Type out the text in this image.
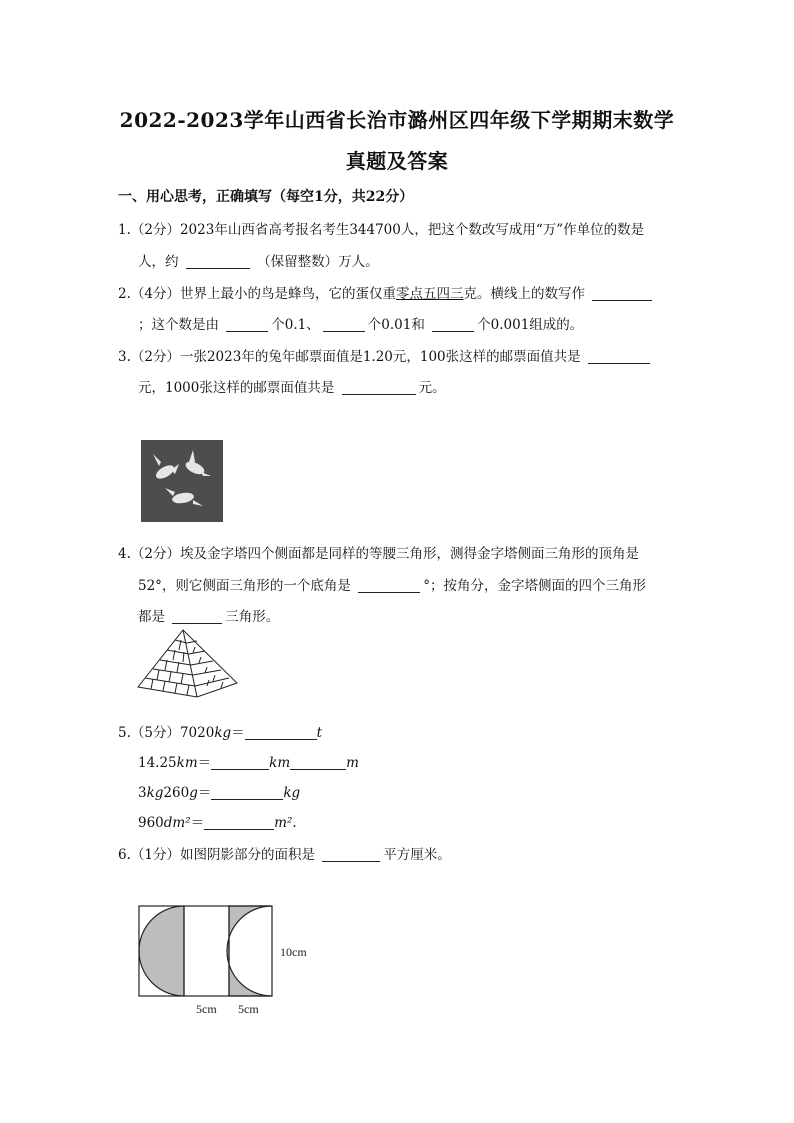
2022-2023学年山西省长治市潞州区四年级下学期期末数学
真题及答案
一、用心思考，正确填写（每空1分，共22分）
1.（2分）2023年山西省高考报名考生344700人，把这个数改写成用“万”作单位的数是
人，约	（保留整数）万人。
2.（4分）世界上最小的鸟是蜂鸟，它的蛋仅重零点五四三克。横线上的数写作
；这个数是由	个0.1、	个0.01和	个0.001组成的。
3.（2分）一张2023年的兔年邮票面值是1.20元，100张这样的邮票面值共是
元，1000张这样的邮票面值共是	元。
4.（2分）埃及金字塔四个侧面都是同样的等腰三角形，测得金字塔侧面三角形的顶角是
52°，则它侧面三角形的一个底角是	°；按角分，金字塔侧面的四个三角形
都是	三角形。
5.（5分）7020kg＝	t
14.25km＝	km	m
3kg260g＝	kg
960dm²＝	m².
6.（1分）如图阴影部分的面积是	平方厘米。
10cm
5cm 5cm
